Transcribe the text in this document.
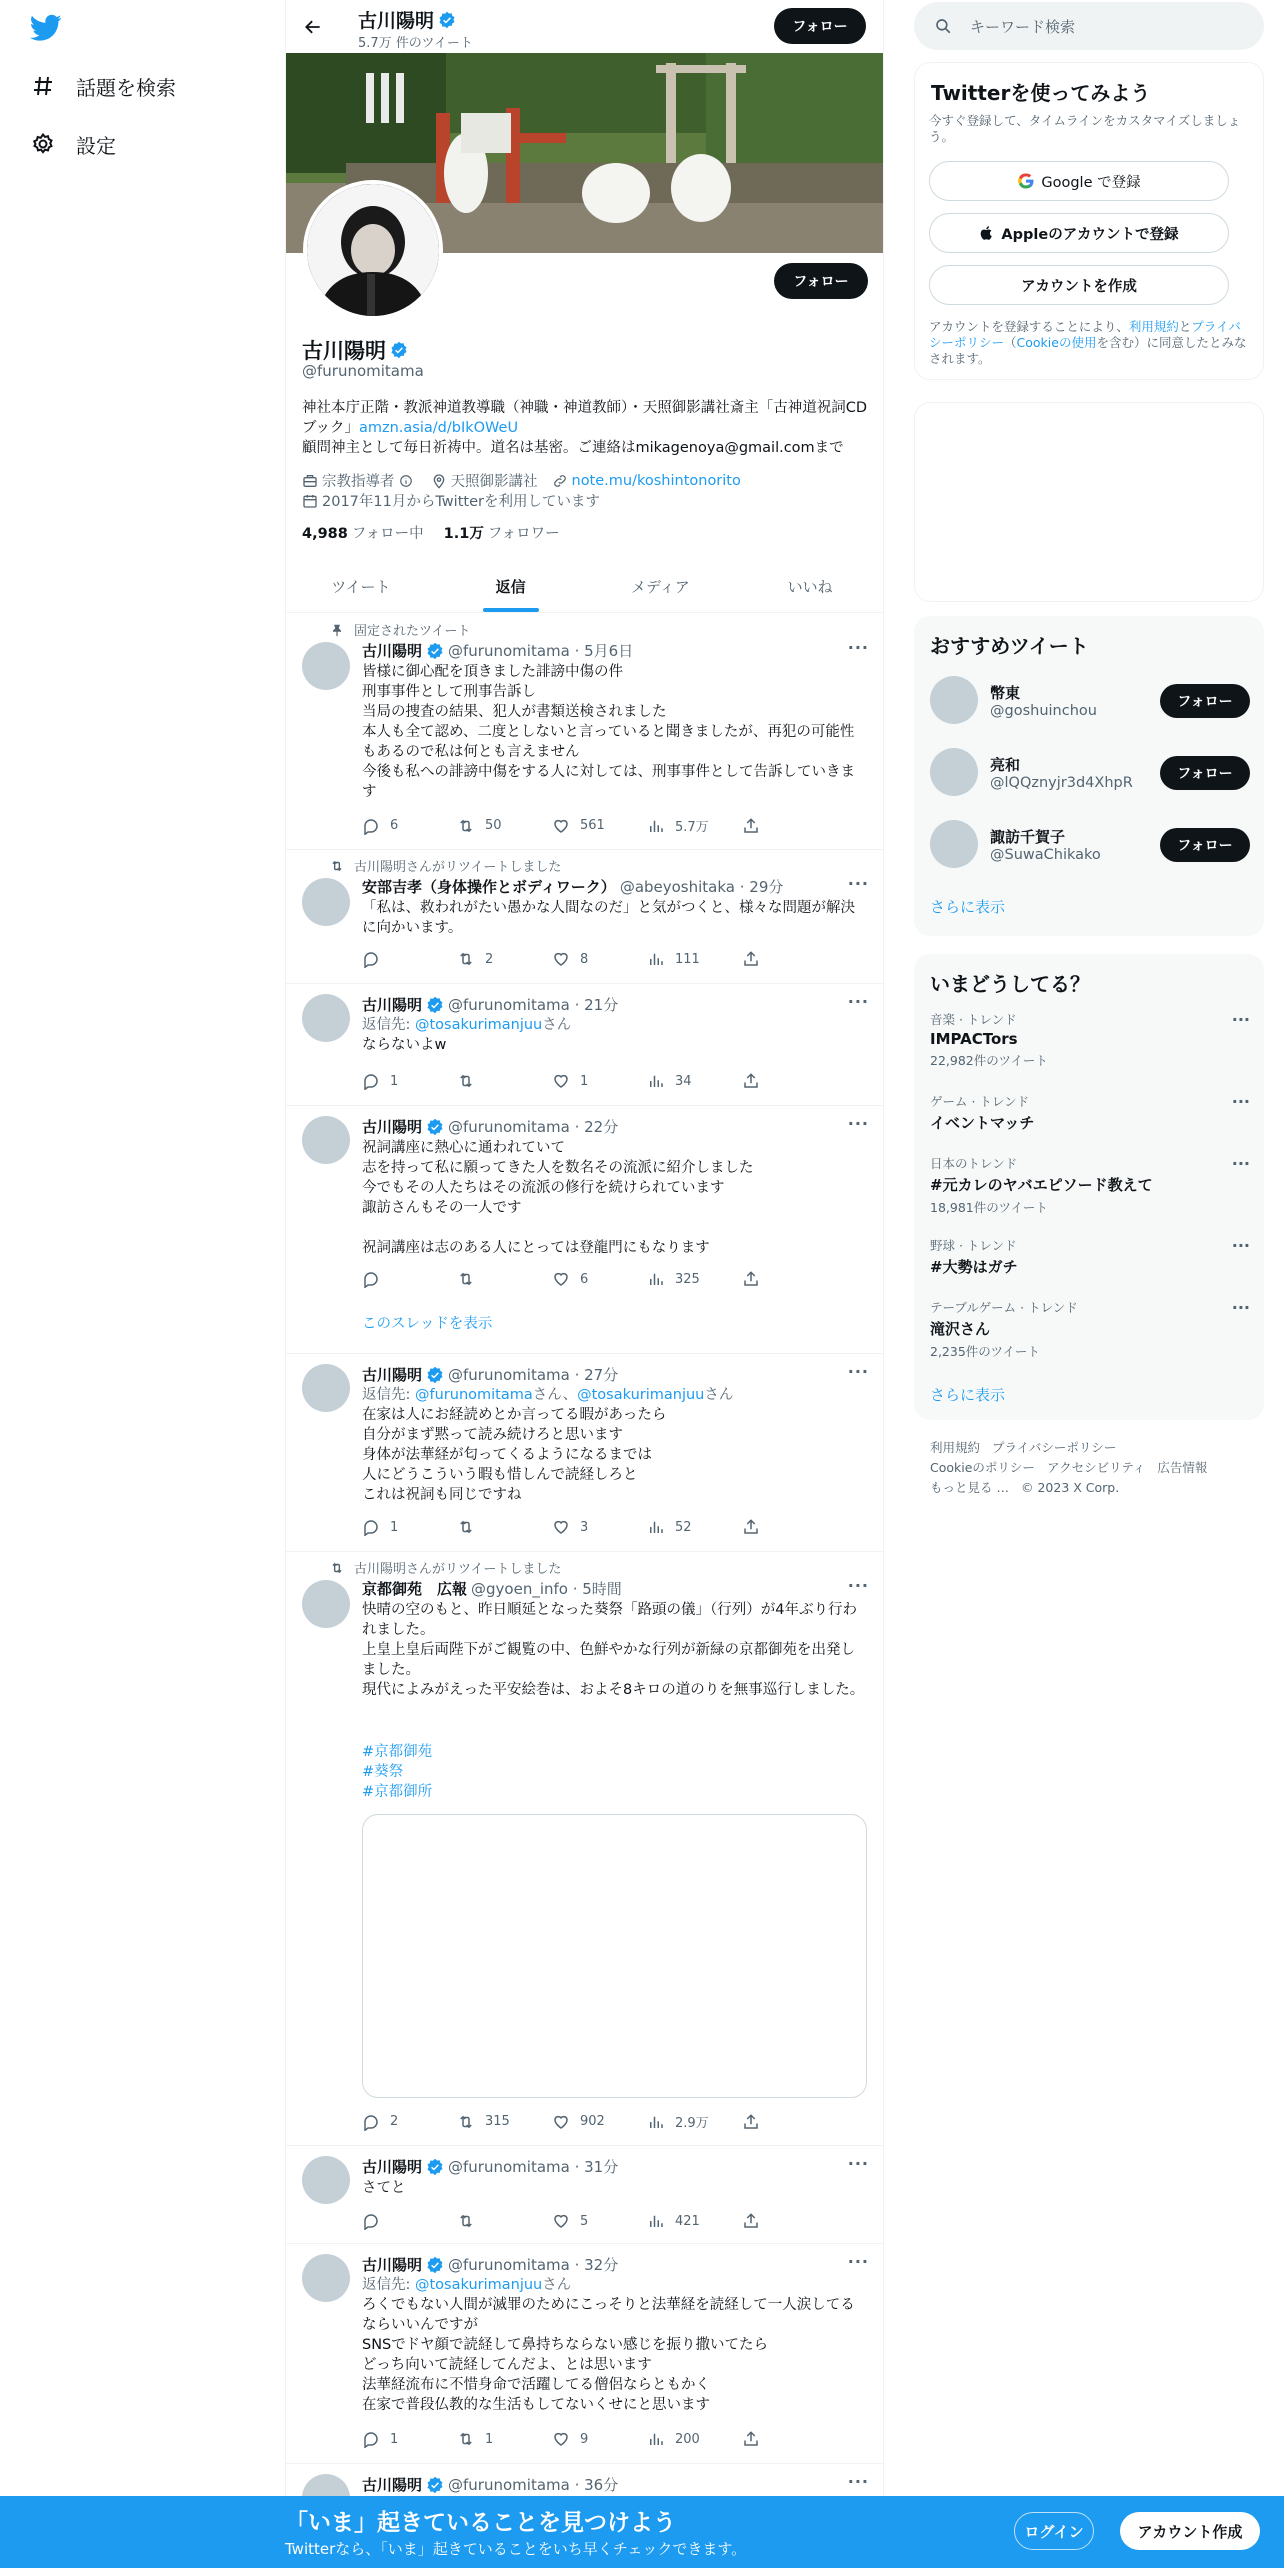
話題を検索
設定
古川陽明
5.7万 件のツイート
フォロー
フォロー
古川陽明
@furunomitama
神社本庁正階・教派神道教導職（神職・神道教師）・天照御影講社斎主「古神道祝詞CDブック」amzn.asia/d/bIkOWeU
顧問神主として毎日祈祷中。道名は基密。ご連絡はmikagenoya@gmail.comまで
宗教指導者	天照御影講社 note.mu/koshintonorito
2017年11月からTwitterを利用しています
4,988 フォロー中 1.1万 フォロワー
ツイート	返信	メディア	いいね
固定されたツイート
古川陽明 @furunomitama · 5月6日	···
皆様に御心配を頂きました誹謗中傷の件
刑事事件として刑事告訴し
当局の捜査の結果、犯人が書類送検されました
本人も全て認め、二度としないと言っていると聞きましたが、再犯の可能性もあるので私は何とも言えません
今後も私への誹謗中傷をする人に対しては、刑事事件として告訴していきます
6	50	561	5.7万
古川陽明さんがリツイートしました
安部吉孝（身体操作とボディワーク） @abeyoshitaka · 29分	···
「私は、救われがたい愚かな人間なのだ」と気がつくと、様々な問題が解決に向かいます。
2	8	111
古川陽明 @furunomitama · 21分	···
返信先: @tosakurimanjuuさん
ならないよw
1	1	34
古川陽明 @furunomitama · 22分	···
祝詞講座に熱心に通われていて
志を持って私に願ってきた人を数名その流派に紹介しました
今でもその人たちはその流派の修行を続けられています
諏訪さんもその一人です

祝詞講座は志のある人にとっては登龍門にもなります
6	325
このスレッドを表示
古川陽明 @furunomitama · 27分	···
返信先: @furunomitamaさん、@tosakurimanjuuさん
在家は人にお経読めとか言ってる暇があったら
自分がまず黙って読み続けろと思います
身体が法華経が匂ってくるようになるまでは
人にどうこういう暇も惜しんで読経しろと
これは祝詞も同じですね
1	3	52
古川陽明さんがリツイートしました
京都御苑　広報 @gyoen_info · 5時間	···
快晴の空のもと、昨日順延となった葵祭「路頭の儀」（行列）が4年ぶり行われました。
上皇上皇后両陛下がご観覧の中、色鮮やかな行列が新緑の京都御苑を出発しました。
現代によみがえった平安絵巻は、およそ8キロの道のりを無事巡行しました。
#京都御苑
#葵祭
#京都御所
2	315	902	2.9万
古川陽明 @furunomitama · 31分	···
さてと
5	421
古川陽明 @furunomitama · 32分	···
返信先: @tosakurimanjuuさん
ろくでもない人間が滅罪のためにこっそりと法華経を読経して一人涙してるならいいんですが
SNSでドヤ顔で読経して鼻持ちならない感じを振り撒いてたら
どっち向いて読経してんだよ、とは思います
法華経流布に不惜身命で活躍してる僧侶ならともかく
在家で普段仏教的な生活もしてないくせにと思います
1	1	9	200
古川陽明 @furunomitama · 36分	···
キーワード検索
Twitterを使ってみよう
今すぐ登録して、タイムラインをカスタマイズしましょう。
Google で登録
Appleのアカウントで登録
アカウントを作成
アカウントを登録することにより、利用規約とプライバシーポリシー（Cookieの使用を含む）に同意したとみなされます。
おすすめツイート
幣東
@goshuinchou
フォロー
亮和
@lQQznyjr3d4XhpR
フォロー
諏訪千賀子
@SuwaChikako
フォロー
さらに表示
いまどうしてる？
音楽 · トレンド
IMPACTors
22,982件のツイート
···
ゲーム · トレンド
イベントマッチ
···
日本のトレンド
#元カレのヤバエピソード教えて
18,981件のツイート
···
野球 · トレンド
#大勢はガチ
···
テーブルゲーム · トレンド
滝沢さん
2,235件のツイート
···
さらに表示
利用規約 プライバシーポリシー
Cookieのポリシー アクセシビリティ 広告情報
もっと見る … © 2023 X Corp.
「いま」起きていることを見つけよう
Twitterなら、「いま」起きていることをいち早くチェックできます。
ログイン	アカウント作成
